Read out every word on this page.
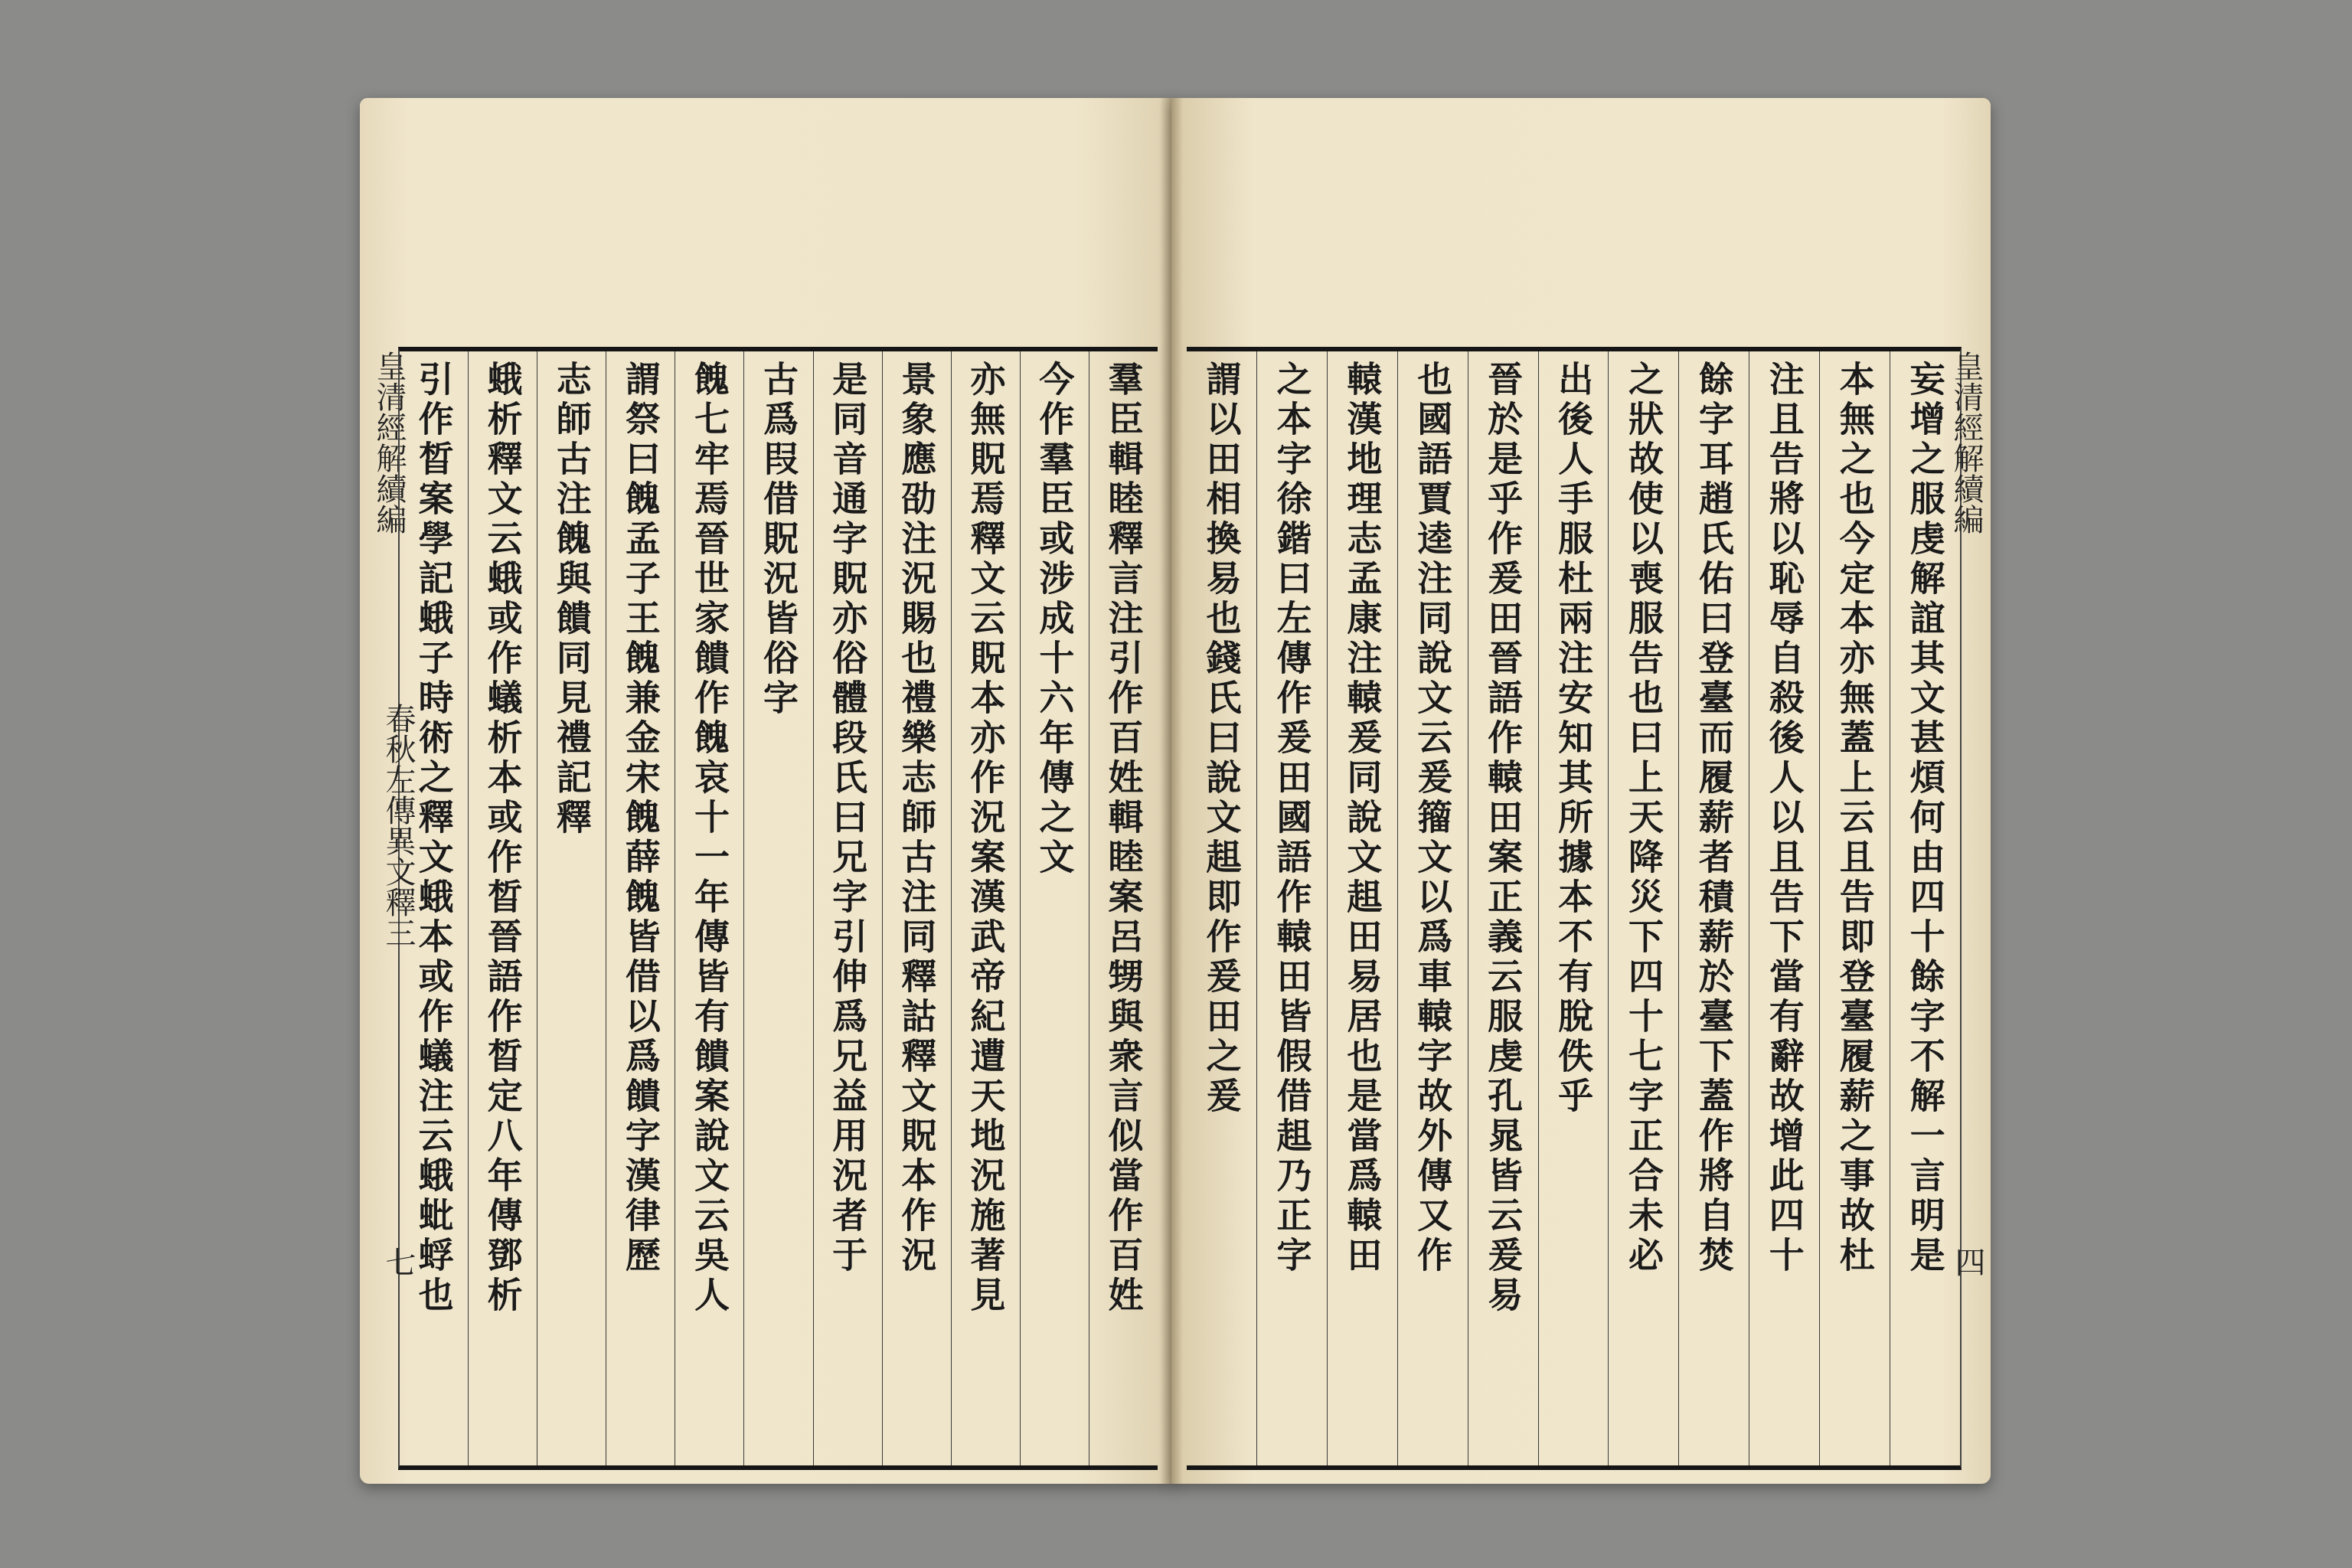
皇清經解續編	羣臣輯睦釋言注引作百姓輯睦案呂甥與衆言似當作百姓
今作羣臣或涉成十六年傳之文
亦無貺焉釋文云貺本亦作況案漢武帝紀遭天地況施著見
景象應劭注況賜也禮樂志師古注同釋詁釋文貺本作況
是同音通字貺亦俗體段氏曰兄字引伸爲兄益用況者于
古爲叚借貺況皆俗字
餽七牢焉晉世家饋作餽哀十一年傳皆有饋案說文云吳人
謂祭曰餽孟子王餽兼金宋餽薛餽皆借以爲饋字漢律歷
志師古注餽與饋同見禮記釋
蛾析釋文云蛾或作蟻析本或作晳晉語作晳定八年傳鄧析
引作晳案學記蛾子時術之釋文蛾本或作蟻注云蛾蚍蜉也
春秋左傳異文釋三
七	妄增之服虔解誼其文甚煩何由四十餘字不解一言明是
本無之也今定本亦無蓋上云且告即登臺履薪之事故杜
注且告將以恥辱自殺後人以且告下當有辭故增此四十
餘字耳趙氏佑曰登臺而履薪者積薪於臺下蓋作將自焚
之狀故使以喪服告也曰上天降災下四十七字正合未必
出後人手服杜兩注安知其所據本不有脫佚乎
晉於是乎作爰田晉語作轅田案正義云服虔孔晁皆云爰易
也國語賈逵注同說文云爰籀文以爲車轅字故外傳又作
轅漢地理志孟康注轅爰同說文趄田易居也是當爲轅田
之本字徐鍇曰左傳作爰田國語作轅田皆假借趄乃正字
謂以田相換易也錢氏曰說文趄即作爰田之爰	皇清經解續編
四
